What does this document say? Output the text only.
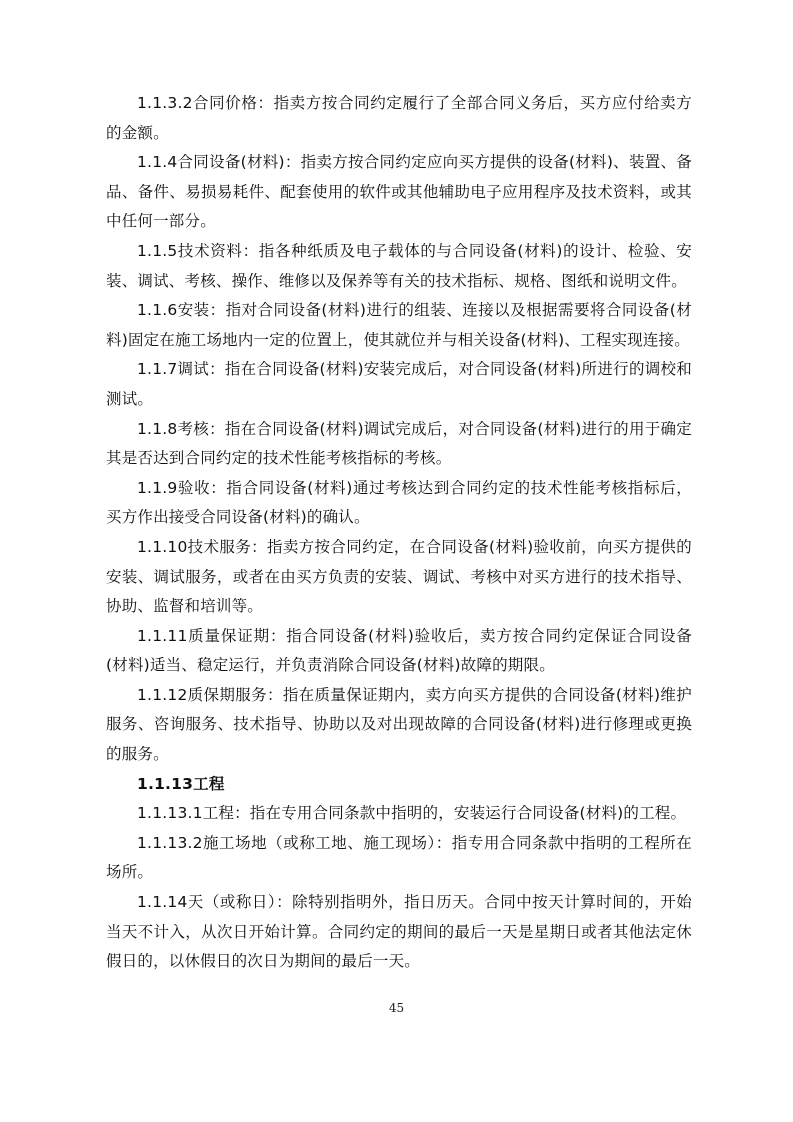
1.1.3.2合同价格：指卖方按合同约定履行了全部合同义务后，买方应付给卖方的金额。

1.1.4合同设备(材料)：指卖方按合同约定应向买方提供的设备(材料)、装置、备品、备件、易损易耗件、配套使用的软件或其他辅助电子应用程序及技术资料，或其中任何一部分。

1.1.5技术资料：指各种纸质及电子载体的与合同设备(材料)的设计、检验、安装、调试、考核、操作、维修以及保养等有关的技术指标、规格、图纸和说明文件。

1.1.6安装：指对合同设备(材料)进行的组装、连接以及根据需要将合同设备(材料)固定在施工场地内一定的位置上，使其就位并与相关设备(材料)、工程实现连接。

1.1.7调试：指在合同设备(材料)安装完成后，对合同设备(材料)所进行的调校和测试。

1.1.8考核：指在合同设备(材料)调试完成后，对合同设备(材料)进行的用于确定其是否达到合同约定的技术性能考核指标的考核。

1.1.9验收：指合同设备(材料)通过考核达到合同约定的技术性能考核指标后，买方作出接受合同设备(材料)的确认。

1.1.10技术服务：指卖方按合同约定，在合同设备(材料)验收前，向买方提供的安装、调试服务，或者在由买方负责的安装、调试、考核中对买方进行的技术指导、协助、监督和培训等。

1.1.11质量保证期：指合同设备(材料)验收后，卖方按合同约定保证合同设备(材料)适当、稳定运行，并负责消除合同设备(材料)故障的期限。

1.1.12质保期服务：指在质量保证期内，卖方向买方提供的合同设备(材料)维护服务、咨询服务、技术指导、协助以及对出现故障的合同设备(材料)进行修理或更换的服务。

1.1.13工程

1.1.13.1工程：指在专用合同条款中指明的，安装运行合同设备(材料)的工程。

1.1.13.2施工场地（或称工地、施工现场）：指专用合同条款中指明的工程所在场所。

1.1.14天（或称日）：除特别指明外，指日历天。合同中按天计算时间的，开始当天不计入，从次日开始计算。合同约定的期间的最后一天是星期日或者其他法定休假日的，以休假日的次日为期间的最后一天。

45
